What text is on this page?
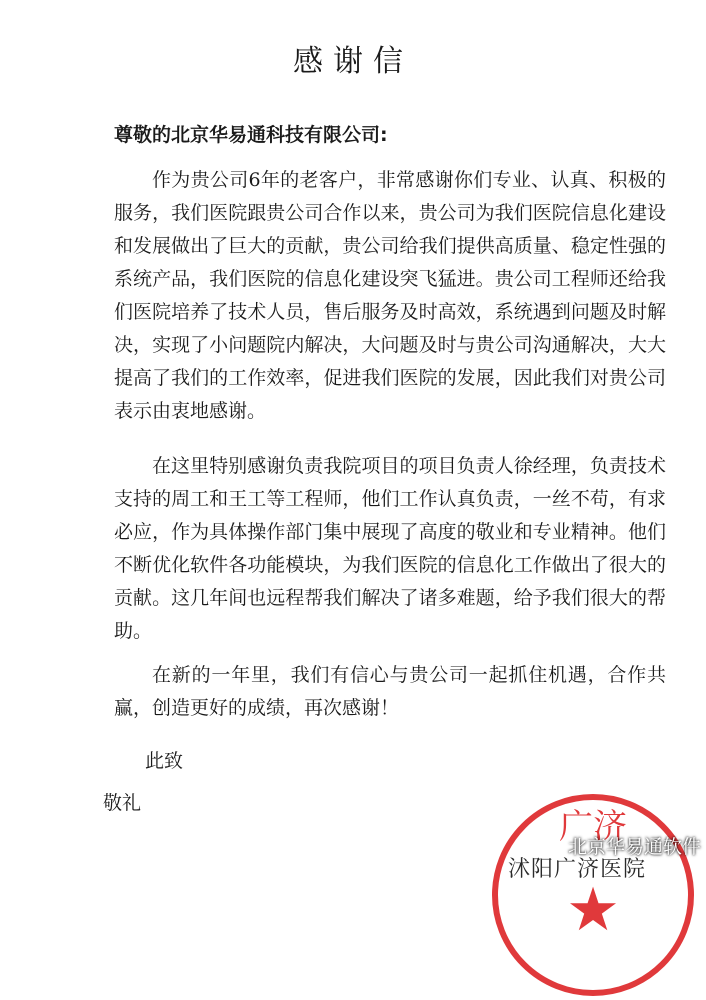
感谢信
尊敬的北京华易通科技有限公司:

作为贵公司6年的老客户，非常感谢你们专业、认真、积极的服务，我们医院跟贵公司合作以来，贵公司为我们医院信息化建设和发展做出了巨大的贡献，贵公司给我们提供高质量、稳定性强的系统产品，我们医院的信息化建设突飞猛进。贵公司工程师还给我们医院培养了技术人员，售后服务及时高效，系统遇到问题及时解决，实现了小问题院内解决，大问题及时与贵公司沟通解决，大大提高了我们的工作效率，促进我们医院的发展，因此我们对贵公司表示由衷地感谢。

在这里特别感谢负责我院项目的项目负责人徐经理，负责技术支持的周工和王工等工程师，他们工作认真负责，一丝不苟，有求必应，作为具体操作部门集中展现了高度的敬业和专业精神。他们不断优化软件各功能模块，为我们医院的信息化工作做出了很大的贡献。这几年间也远程帮我们解决了诸多难题，给予我们很大的帮助。

在新的一年里，我们有信心与贵公司一起抓住机遇，合作共赢，创造更好的成绩，再次感谢！

此致
敬礼
广济
★
沭阳广济医院
北京华易通软件
